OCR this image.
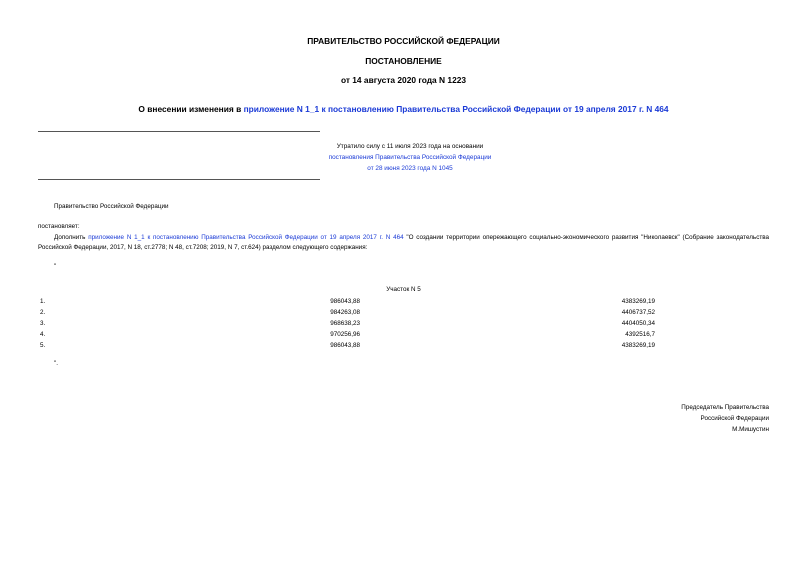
ПРАВИТЕЛЬСТВО РОССИЙСКОЙ ФЕДЕРАЦИИ
ПОСТАНОВЛЕНИЕ
от 14 августа 2020 года N 1223
О внесении изменения в приложение N 1_1 к постановлению Правительства Российской Федерации от 19 апреля 2017 г. N 464
Утратило силу с 11 июля 2023 года на основании
постановления Правительства Российской Федерации
от 28 июня 2023 года N 1045
Правительство Российской Федерации
постановляет:
Дополнить приложение N 1_1 к постановлению Правительства Российской Федерации от 19 апреля 2017 г. N 464 "О создании территории опережающего социально-экономического развития "Николаевск" (Собрание законодательства Российской Федерации, 2017, N 18, ст.2778; N 48, ст.7208; 2019, N 7, ст.624) разделом следующего содержания:
"
Участок N 5
1.	986043,88	4383269,19
2.	984263,08	4406737,52
3.	968638,23	4404050,34
4.	970256,96	4392516,7
5.	986043,88	4383269,19
".
Председатель Правительства
Российской Федерации
М.Мишустин
